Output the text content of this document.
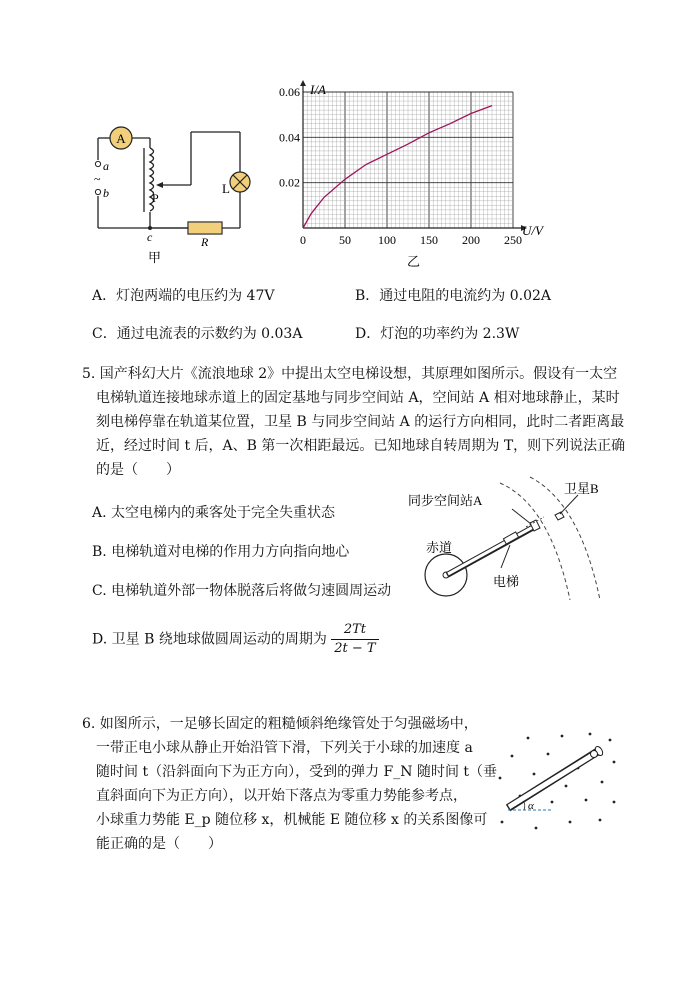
A
a
~
b	L
P
c	R
甲
0	50 100 150 200 250
0.02
0.04
0.06 I/A
U/V
乙
A．灯泡两端的电压约为 47V	B．通过电阻的电流约为 0.02A
C．通过电流表的示数约为 0.03A	D．灯泡的功率约为 2.3W
5. 国产科幻大片《流浪地球 2》中提出太空电梯设想，其原理如图所示。假设有一太空
电梯轨道连接地球赤道上的固定基地与同步空间站 A，空间站 A 相对地球静止，某时
刻电梯停靠在轨道某位置，卫星 B 与同步空间站 A 的运行方向相同，此时二者距离最
近，经过时间 t 后，A、B 第一次相距最远。已知地球自转周期为 T，则下列说法正确
的是（　　）
A. 太空电梯内的乘客处于完全失重状态
B. 电梯轨道对电梯的作用力方向指向地心
C. 电梯轨道外部一物体脱落后将做匀速圆周运动
D. 卫星 B 绕地球做圆周运动的周期为 $\frac{2Tt}{2t - T}$
同步空间站A
卫星B
赤道
电梯
6. 如图所示，一足够长固定的粗糙倾斜绝缘管处于匀强磁场中，
一带正电小球从静止开始沿管下滑，下列关于小球的加速度 a
随时间 t（沿斜面向下为正方向），受到的弹力 F_N 随时间 t（垂
直斜面向下为正方向），以开始下落点为零重力势能参考点，
小球重力势能 E_p 随位移 x，机械能 E 随位移 x 的关系图像可
能正确的是（　　）
α
